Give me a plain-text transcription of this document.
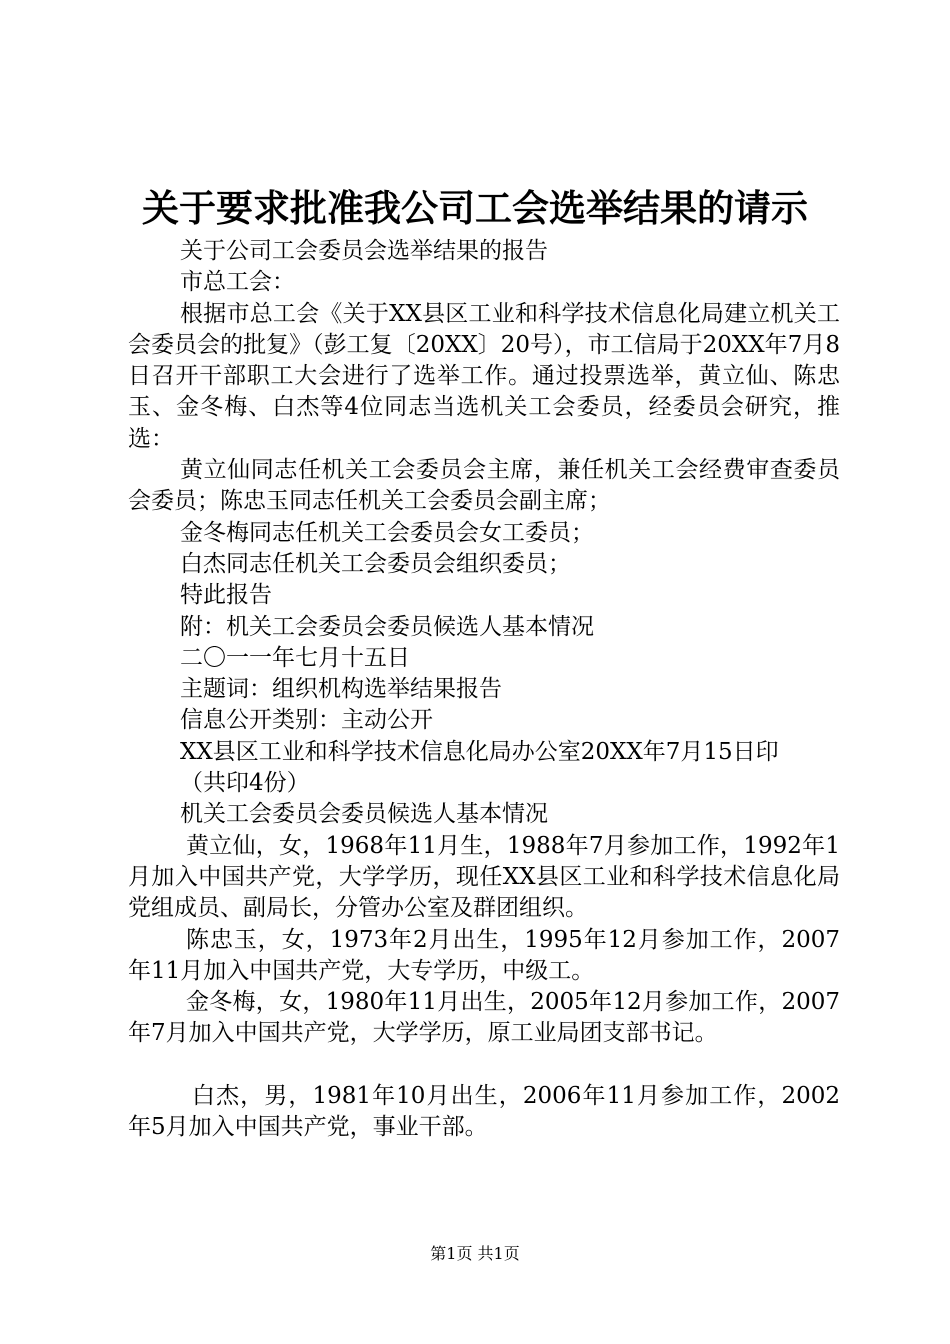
关于要求批准我公司工会选举结果的请示

关于公司工会委员会选举结果的报告

市总工会：

根据市总工会《关于XX县区工业和科学技术信息化局建立机关工会委员会的批复》（彭工复〔20XX〕20号），市工信局于20XX年7月8日召开干部职工大会进行了选举工作。通过投票选举，黄立仙、陈忠玉、金冬梅、白杰等4位同志当选机关工会委员，经委员会研究，推选：

黄立仙同志任机关工会委员会主席，兼任机关工会经费审查委员会委员；陈忠玉同志任机关工会委员会副主席；

金冬梅同志任机关工会委员会女工委员；

白杰同志任机关工会委员会组织委员；

特此报告

附：机关工会委员会委员候选人基本情况

二〇一一年七月十五日

主题词：组织机构选举结果报告

信息公开类别：主动公开

XX县区工业和科学技术信息化局办公室20XX年7月15日印

（共印4份）

机关工会委员会委员候选人基本情况

黄立仙，女，1968年11月生，1988年7月参加工作，1992年1月加入中国共产党，大学学历，现任XX县区工业和科学技术信息化局党组成员、副局长，分管办公室及群团组织。

陈忠玉，女，1973年2月出生，1995年12月参加工作，2007年11月加入中国共产党，大专学历，中级工。

金冬梅，女，1980年11月出生，2005年12月参加工作，2007年7月加入中国共产党，大学学历，原工业局团支部书记。

白杰，男，1981年10月出生，2006年11月参加工作，2002年5月加入中国共产党，事业干部。

第1页 共1页
